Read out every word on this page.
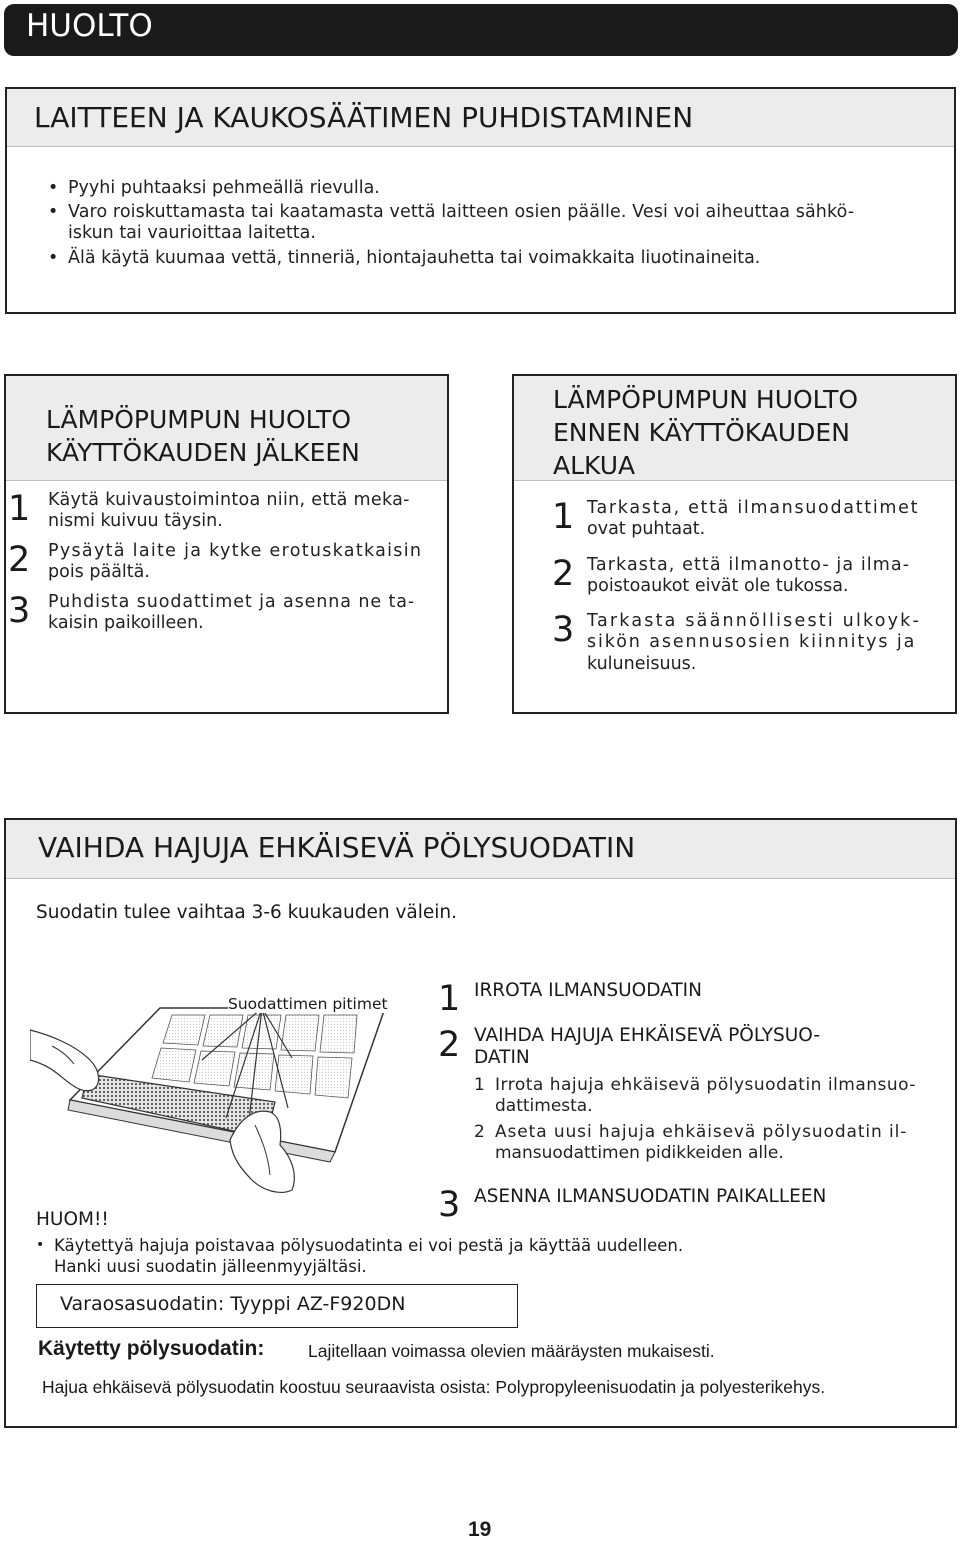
HUOLTO
LAITTEEN JA KAUKOSÄÄTIMEN PUHDISTAMINEN
• Pyyhi puhtaaksi pehmeällä rievulla.
• Varo roiskuttamasta tai kaatamasta vettä laitteen osien päälle. Vesi voi aiheuttaa sähkö-
iskun tai vaurioittaa laitetta.
• Älä käytä kuumaa vettä, tinneriä, hiontajauhetta tai voimakkaita liuotinaineita.
LÄMPÖPUMPUN HUOLTO
KÄYTTÖKAUDEN JÄLKEEN
1 Käytä kuivaustoimintoa niin, että meka-
nismi kuivuu täysin.
2 Pysäytä laite ja kytke erotuskatkaisin
pois päältä.
3 Puhdista suodattimet ja asenna ne ta-
kaisin paikoilleen.
LÄMPÖPUMPUN HUOLTO
ENNEN KÄYTTÖKAUDEN
ALKUA
1 Tarkasta, että ilmansuodattimet
ovat puhtaat.
2 Tarkasta, että ilmanotto- ja ilma-
poistoaukot eivät ole tukossa.
3 Tarkasta säännöllisesti ulkoyk-
sikön asennusosien kiinnitys ja
kuluneisuus.
VAIHDA HAJUJA EHKÄISEVÄ PÖLYSUODATIN
Suodatin tulee vaihtaa 3-6 kuukauden välein.
Suodattimen pitimet 1 IRROTA ILMANSUODATIN
2 VAIHDA HAJUJA EHKÄISEVÄ PÖLYSUO-
DATIN
1 Irrota hajuja ehkäisevä pölysuodatin ilmansuo-
dattimesta.
2 Aseta uusi hajuja ehkäisevä pölysuodatin il-
mansuodattimen pidikkeiden alle.
3 ASENNA ILMANSUODATIN PAIKALLEEN
HUOM!!
• Käytettyä hajuja poistavaa pölysuodatinta ei voi pestä ja käyttää uudelleen.
Hanki uusi suodatin jälleenmyyjältäsi.
Varaosasuodatin: Tyyppi AZ-F920DN
Käytetty pölysuodatin: Lajitellaan voimassa olevien määräysten mukaisesti.
Hajua ehkäisevä pölysuodatin koostuu seuraavista osista: Polypropyleenisuodatin ja polyesterikehys.
19
